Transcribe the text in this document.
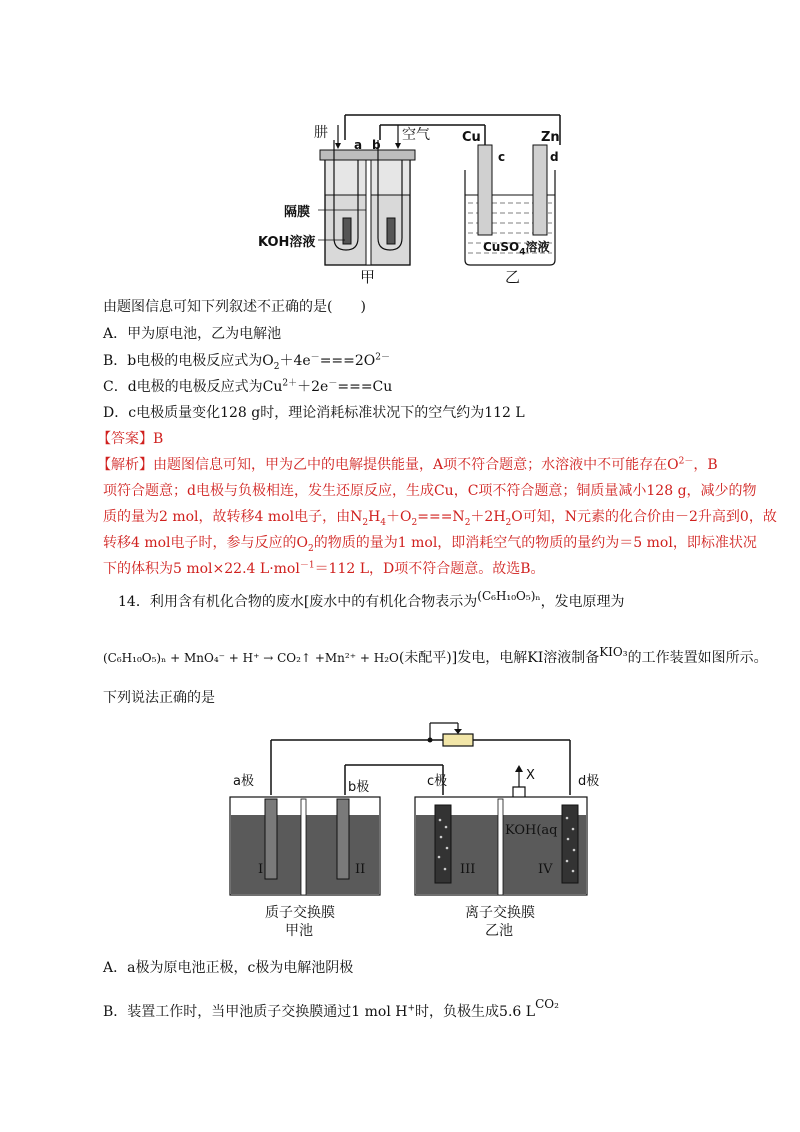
肼
a b
空气 Cu	Zn
c	d
隔膜
KOH溶液	CuSO$_4$溶液
甲	乙
由题图信息可知下列叙述不正确的是(　　)
A．甲为原电池，乙为电解池
B．b电极的电极反应式为$O_2+4e^-===2O^{2-}$
C．d电极的电极反应式为$Cu^{2+}+2e^-===Cu$
D．c电极质量变化128 g时，理论消耗标准状况下的空气约为112 L
【答案】B
【解析】由题图信息可知，甲为乙中的电解提供能量，A项不符合题意；水溶液中不可能存在$O^{2-}$，B
项符合题意；d电极与负极相连，发生还原反应，生成Cu，C项不符合题意；铜质量减小128 g，减少的物
质的量为2 mol，故转移4 mol电子，由$N_2H_4+O_2===N_2+2H_2O$可知，N元素的化合价由－2升高到0，故
转移4 mol电子时，参与反应的$O_2$的物质的量为1 mol，即消耗空气的物质的量约为＝5 mol，即标准状况
下的体积为5 mol×22.4 L·mol$^{-1}$＝112 L，D项不符合题意。故选B。
14．利用含有机化合物的废水[废水中的有机化合物表示为(C₆H₁₀O₅)ₙ，发电原理为
(C₆H₁₀O₅)ₙ + MnO₄⁻ + H⁺ → CO₂↑ +Mn²⁺ + H₂O(未配平)]发电，电解KI溶液制备KIO₃的工作装置如图所示。
下列说法正确的是
a极	b极	c极	d极
X
KOH(aq
I	II	III	IV
质子交换膜
甲池
离子交换膜
乙池
A．a极为原电池正极，c极为电解池阴极
B．装置工作时，当甲池质子交换膜通过1 mol H+时，负极生成5.6 LCO₂
